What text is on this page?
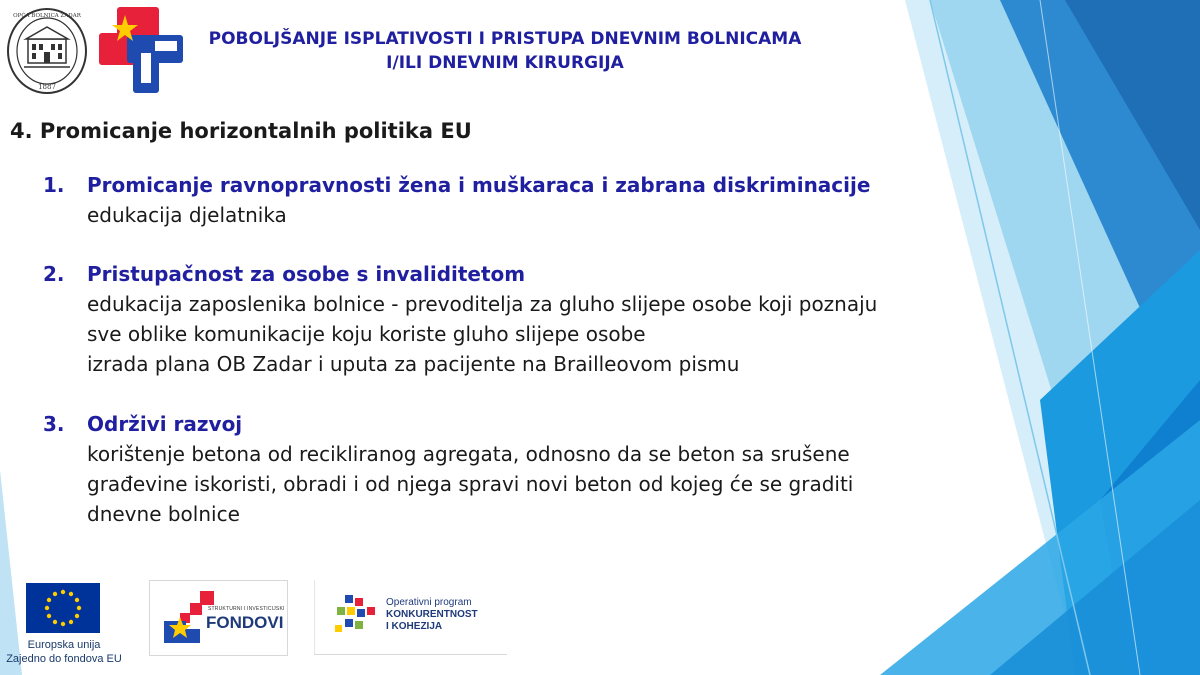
1887
OPĆA BOLNICA ZADAR
POBOLJŠANJE ISPLATIVOSTI I PRISTUPA DNEVNIM BOLNICAMA
I/ILI DNEVNIM KIRURGIJA
4. Promicanje horizontalnih politika EU
1. Promicanje ravnopravnosti žena i muškaraca i zabrana diskriminacije
edukacija djelatnika
2. Pristupačnost za osobe s invaliditetom
edukacija zaposlenika bolnice - prevoditelja za gluho slijepe osobe koji poznaju
sve oblike komunikacije koju koriste gluho slijepe osobe
izrada plana OB Zadar i uputa za pacijente na Brailleovom pismu
3. Održivi razvoj
korištenje betona od recikliranog agregata, odnosno da se beton sa srušene
građevine iskoristi, obradi i od njega spravi novi beton od kojeg će se graditi
dnevne bolnice
Europska unija
Zajedno do fondova EU
STRUKTURNI I INVESTICIJSKI
FONDOVI
Operativni program
KONKURENTNOST
I KOHEZIJA
